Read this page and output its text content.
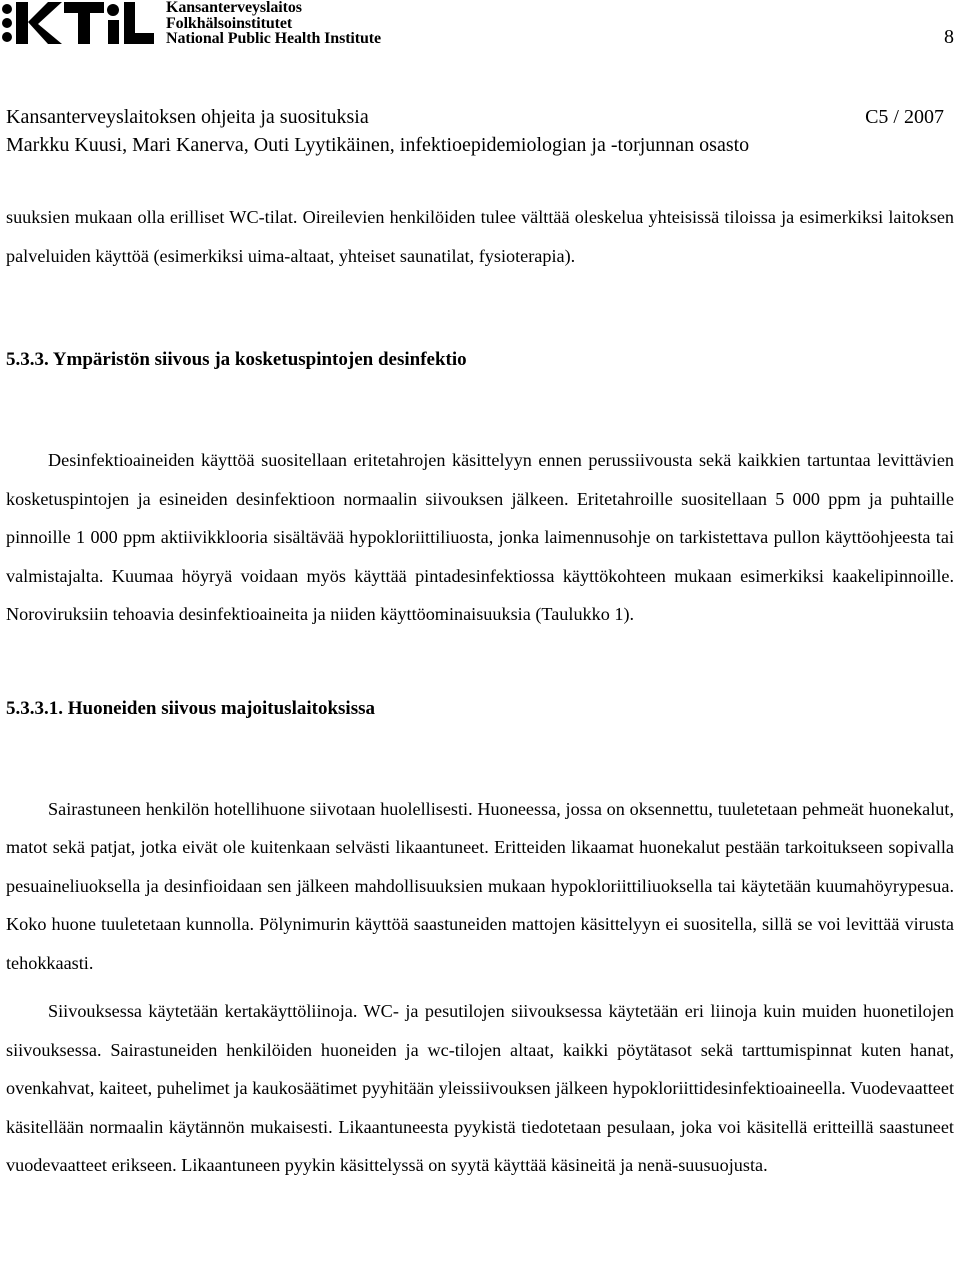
Kansanterveyslaitos
Folkhälsoinstitutet
National Public Health Institute	8
Kansanterveyslaitoksen ohjeita ja suosituksia	C5 / 2007
Markku Kuusi, Mari Kanerva, Outi Lyytikäinen, infektioepidemiologian ja -torjunnan osasto

suuksien mukaan olla erilliset WC-tilat. Oireilevien henkilöiden tulee välttää oleskelua yhteisissä tiloissa ja esimerkiksi laitoksen palveluiden käyttöä (esimerkiksi uima-altaat, yhteiset saunatilat, fysioterapia).

5.3.3. Ympäristön siivous ja kosketuspintojen desinfektio

Desinfektioaineiden käyttöä suositellaan eritetahrojen käsittelyyn ennen perussiivousta sekä kaikkien tartuntaa levittävien kosketuspintojen ja esineiden desinfektioon normaalin siivouksen jälkeen. Eritetahroille suositellaan 5 000 ppm ja puhtaille pinnoille 1 000 ppm aktiivikklooria sisältävää hypokloriittiliuosta, jonka laimennusohje on tarkistettava pullon käyttöohjeesta tai valmistajalta. Kuumaa höyryä voidaan myös käyttää pintadesinfektiossa käyttökohteen mukaan esimerkiksi kaakelipinnoille. Noroviruksiin tehoavia desinfektioaineita ja niiden käyttöominaisuuksia (Taulukko 1).

5.3.3.1. Huoneiden siivous majoituslaitoksissa

Sairastuneen henkilön hotellihuone siivotaan huolellisesti. Huoneessa, jossa on oksennettu, tuuletetaan pehmeät huonekalut, matot sekä patjat, jotka eivät ole kuitenkaan selvästi likaantuneet. Eritteiden likaamat huonekalut pestään tarkoitukseen sopivalla pesuaineliuoksella ja desinfioidaan sen jälkeen mahdollisuuksien mukaan hypokloriittiliuoksella tai käytetään kuumahöyrypesua. Koko huone tuuletetaan kunnolla. Pölynimurin käyttöä saastuneiden mattojen käsittelyyn ei suositella, sillä se voi levittää virusta tehokkaasti.

Siivouksessa käytetään kertakäyttöliinoja. WC- ja pesutilojen siivouksessa käytetään eri liinoja kuin muiden huonetilojen siivouksessa. Sairastuneiden henkilöiden huoneiden ja wc-tilojen altaat, kaikki pöytätasot sekä tarttumispinnat kuten hanat, ovenkahvat, kaiteet, puhelimet ja kaukosäätimet pyyhitään yleissiivouksen jälkeen hypokloriittidesinfektioaineella. Vuodevaatteet käsitellään normaalin käytännön mukaisesti. Likaantuneesta pyykistä tiedotetaan pesulaan, joka voi käsitellä eritteillä saastuneet vuodevaatteet erikseen. Likaantuneen pyykin käsittelyssä on syytä käyttää käsineitä ja nenä-suusuojusta.
